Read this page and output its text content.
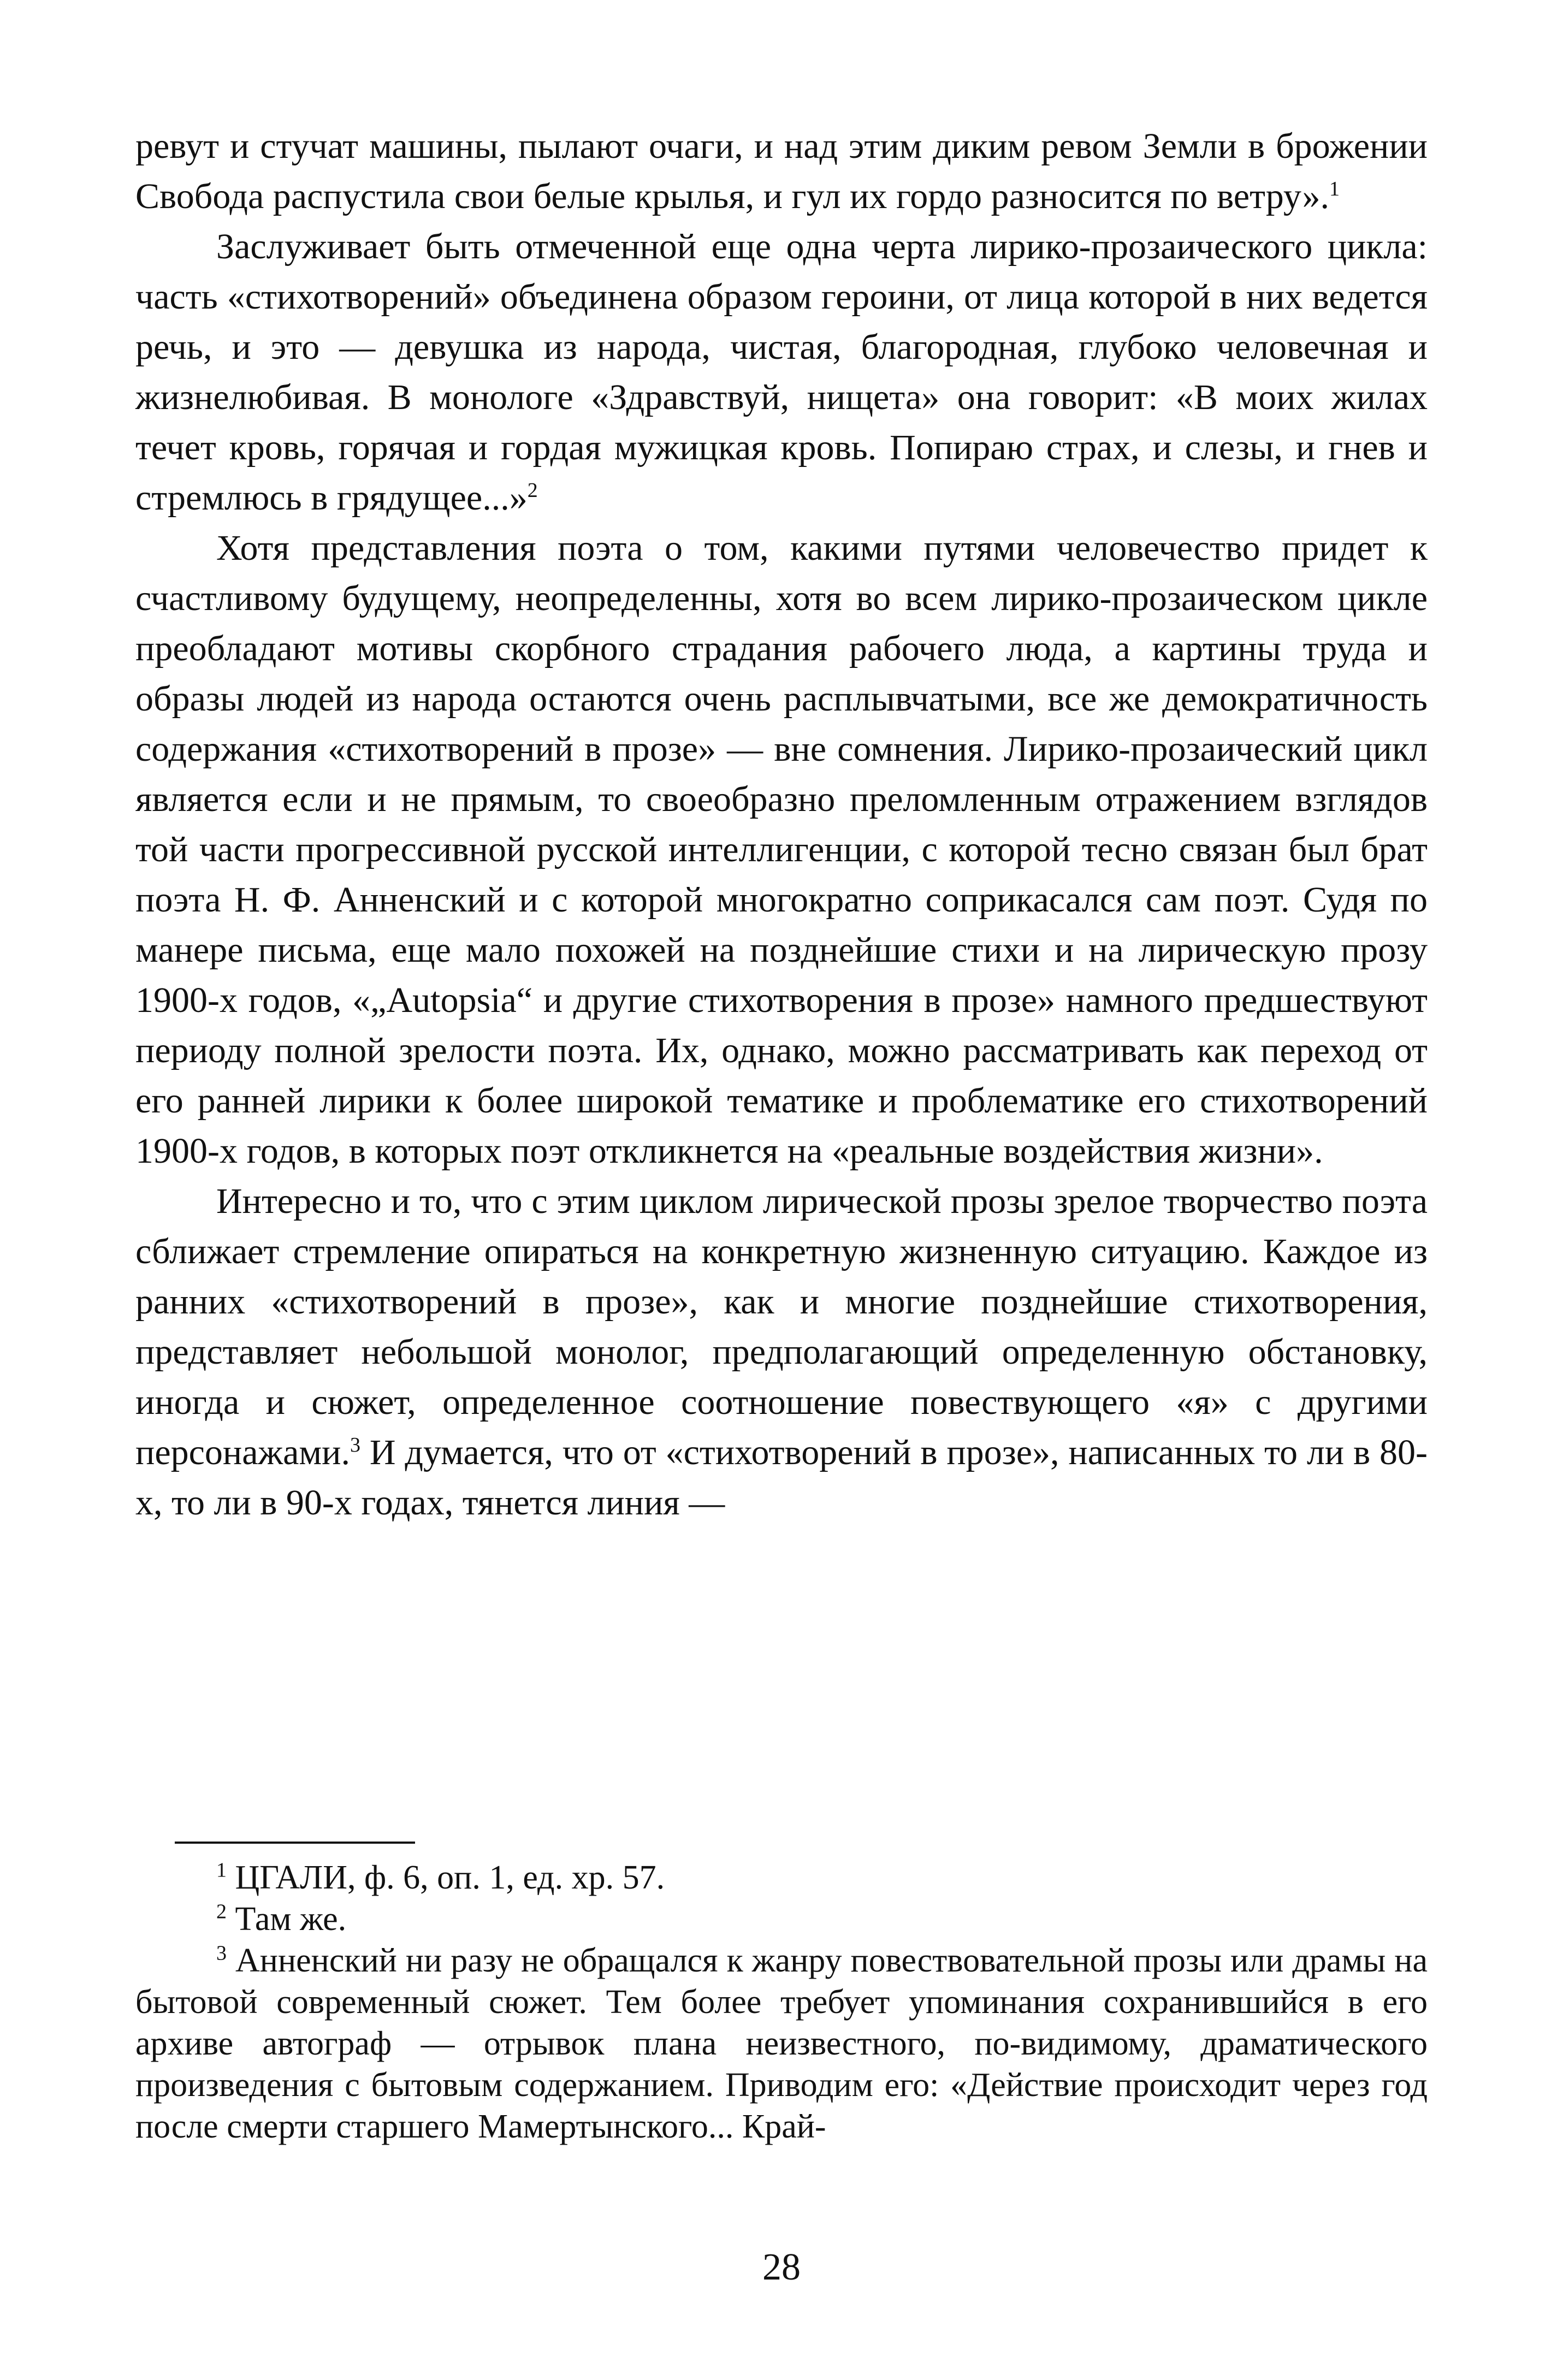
ревут и стучат машины, пылают очаги, и над этим диким ревом Земли в брожении Свобода распустила свои белые крылья, и гул их гордо разносится по ветру».$^1$

Заслуживает быть отмеченной еще одна черта лирико-прозаического цикла: часть «стихотворений» объединена образом героини, от лица которой в них ведется речь, и это — девушка из народа, чистая, благородная, глубоко человечная и жизнелюбивая. В монологе «Здравствуй, нищета» она говорит: «В моих жилах течет кровь, горячая и гордая мужицкая кровь. Попираю страх, и слезы, и гнев и стремлюсь в грядущее...»$^2$

Хотя представления поэта о том, какими путями человечество придет к счастливому будущему, неопределенны, хотя во всем лирико-прозаическом цикле преобладают мотивы скорбного страдания рабочего люда, а картины труда и образы людей из народа остаются очень расплывчатыми, все же демократичность содержания «стихотворений в прозе» — вне сомнения. Лирико-прозаический цикл является если и не прямым, то своеобразно преломленным отражением взглядов той части прогрессивной русской интеллигенции, с которой тесно связан был брат поэта Н. Ф. Анненский и с которой многократно соприкасался сам поэт. Судя по манере письма, еще мало похожей на позднейшие стихи и на лирическую прозу 1900-х годов, «„Autopsia“ и другие стихотворения в прозе» намного предшествуют периоду полной зрелости поэта. Их, однако, можно рассматривать как переход от его ранней лирики к более широкой тематике и проблематике его стихотворений 1900-х годов, в которых поэт откликнется на «реальные воздействия жизни».

Интересно и то, что с этим циклом лирической прозы зрелое творчество поэта сближает стремление опираться на конкретную жизненную ситуацию. Каждое из ранних «стихотворений в прозе», как и многие позднейшие стихотворения, представляет небольшой монолог, предполагающий определенную обстановку, иногда и сюжет, определенное соотношение повествующего «я» с другими персонажами.$^3$ И думается, что от «стихотворений в прозе», написанных то ли в 80-х, то ли в 90-х годах, тянется линия —

$^1$ ЦГАЛИ, ф. 6, оп. 1, ед. хр. 57.

$^2$ Там же.

$^3$ Анненский ни разу не обращался к жанру повествовательной прозы или драмы на бытовой современный сюжет. Тем более требует упоминания сохранившийся в его архиве автограф — отрывок плана неизвестного, по-видимому, драматического произведения с бытовым содержанием. Приводим его: «Действие происходит через год после смерти старшего Мамертынского... Край-

28
